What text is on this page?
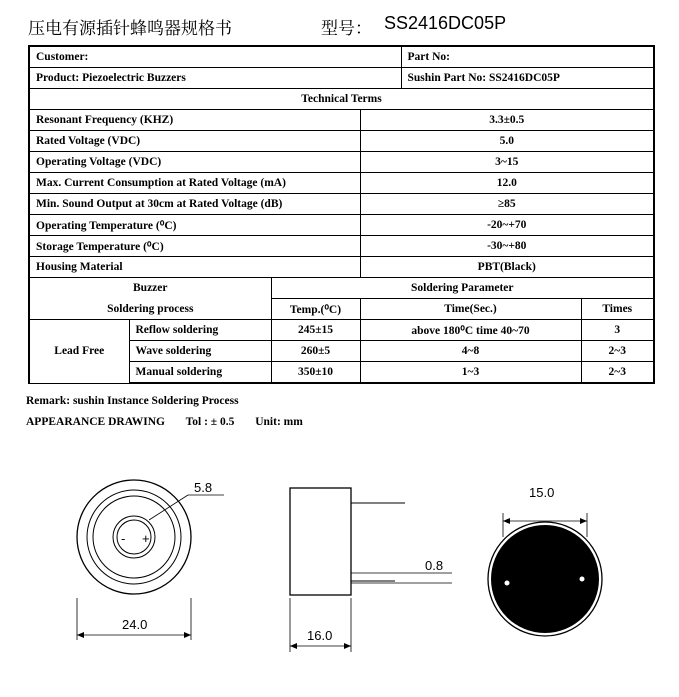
压电有源插针蜂鸣器规格书	型号： SS2416DC05P
Customer:				Part No:	
Product: Piezoelectric Buzzers				Sushin Part No: SS2416DC05P	
Technical Terms					
Resonant Frequency (KHZ)			3.3±0.5		
Rated Voltage (VDC)			5.0		
Operating Voltage (VDC)			3~15		
Max. Current Consumption at Rated Voltage (mA)			12.0		
Min. Sound Output at 30cm at Rated Voltage (dB)			≥85		
Operating Temperature (⁰C)			-20~+70		
Storage Temperature (⁰C)			-30~+80		
Housing Material			PBT(Black)		
Buzzer		Soldering Parameter			
Soldering process		Temp.(⁰C)	Time(Sec.)		Times
Lead Free	Reflow soldering	245±15	above 180⁰C time 40~70		3
	Wave soldering	260±5	4~8		2~3
	Manual soldering	350±10	1~3		2~3
Remark: sushin Instance Soldering Process
APPEARANCE DRAWING Tol : ± 0.5 Unit: mm
- +
5.8
24.0
0.8
16.0
15.0
